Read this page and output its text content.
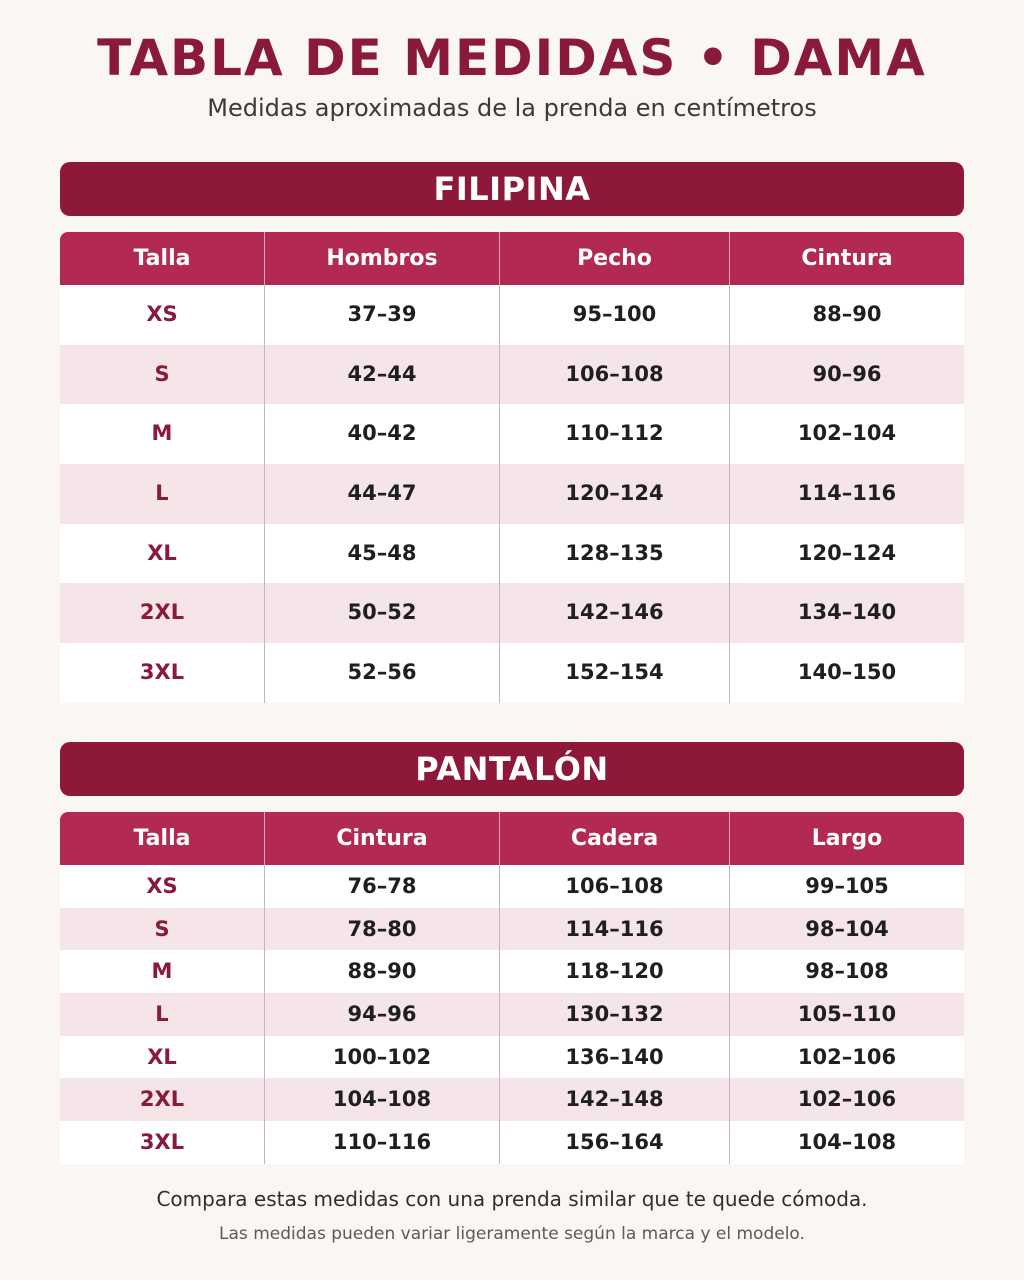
TABLA DE MEDIDAS • DAMA
Medidas aproximadas de la prenda en centímetros
FILIPINA
Talla	Hombros	Pecho	Cintura
XS	37–39	95–100	88–90
S	42–44	106–108	90–96
M	40–42	110–112	102–104
L	44–47	120–124	114–116
XL	45–48	128–135	120–124
2XL	50–52	142–146	134–140
3XL	52–56	152–154	140–150
PANTALÓN
Talla	Cintura	Cadera	Largo
XS	76–78	106–108	99–105
S	78–80	114–116	98–104
M	88–90	118–120	98–108
L	94–96	130–132	105–110
XL	100–102	136–140	102–106
2XL	104–108	142–148	102–106
3XL	110–116	156–164	104–108
Compara estas medidas con una prenda similar que te quede cómoda.
Las medidas pueden variar ligeramente según la marca y el modelo.
